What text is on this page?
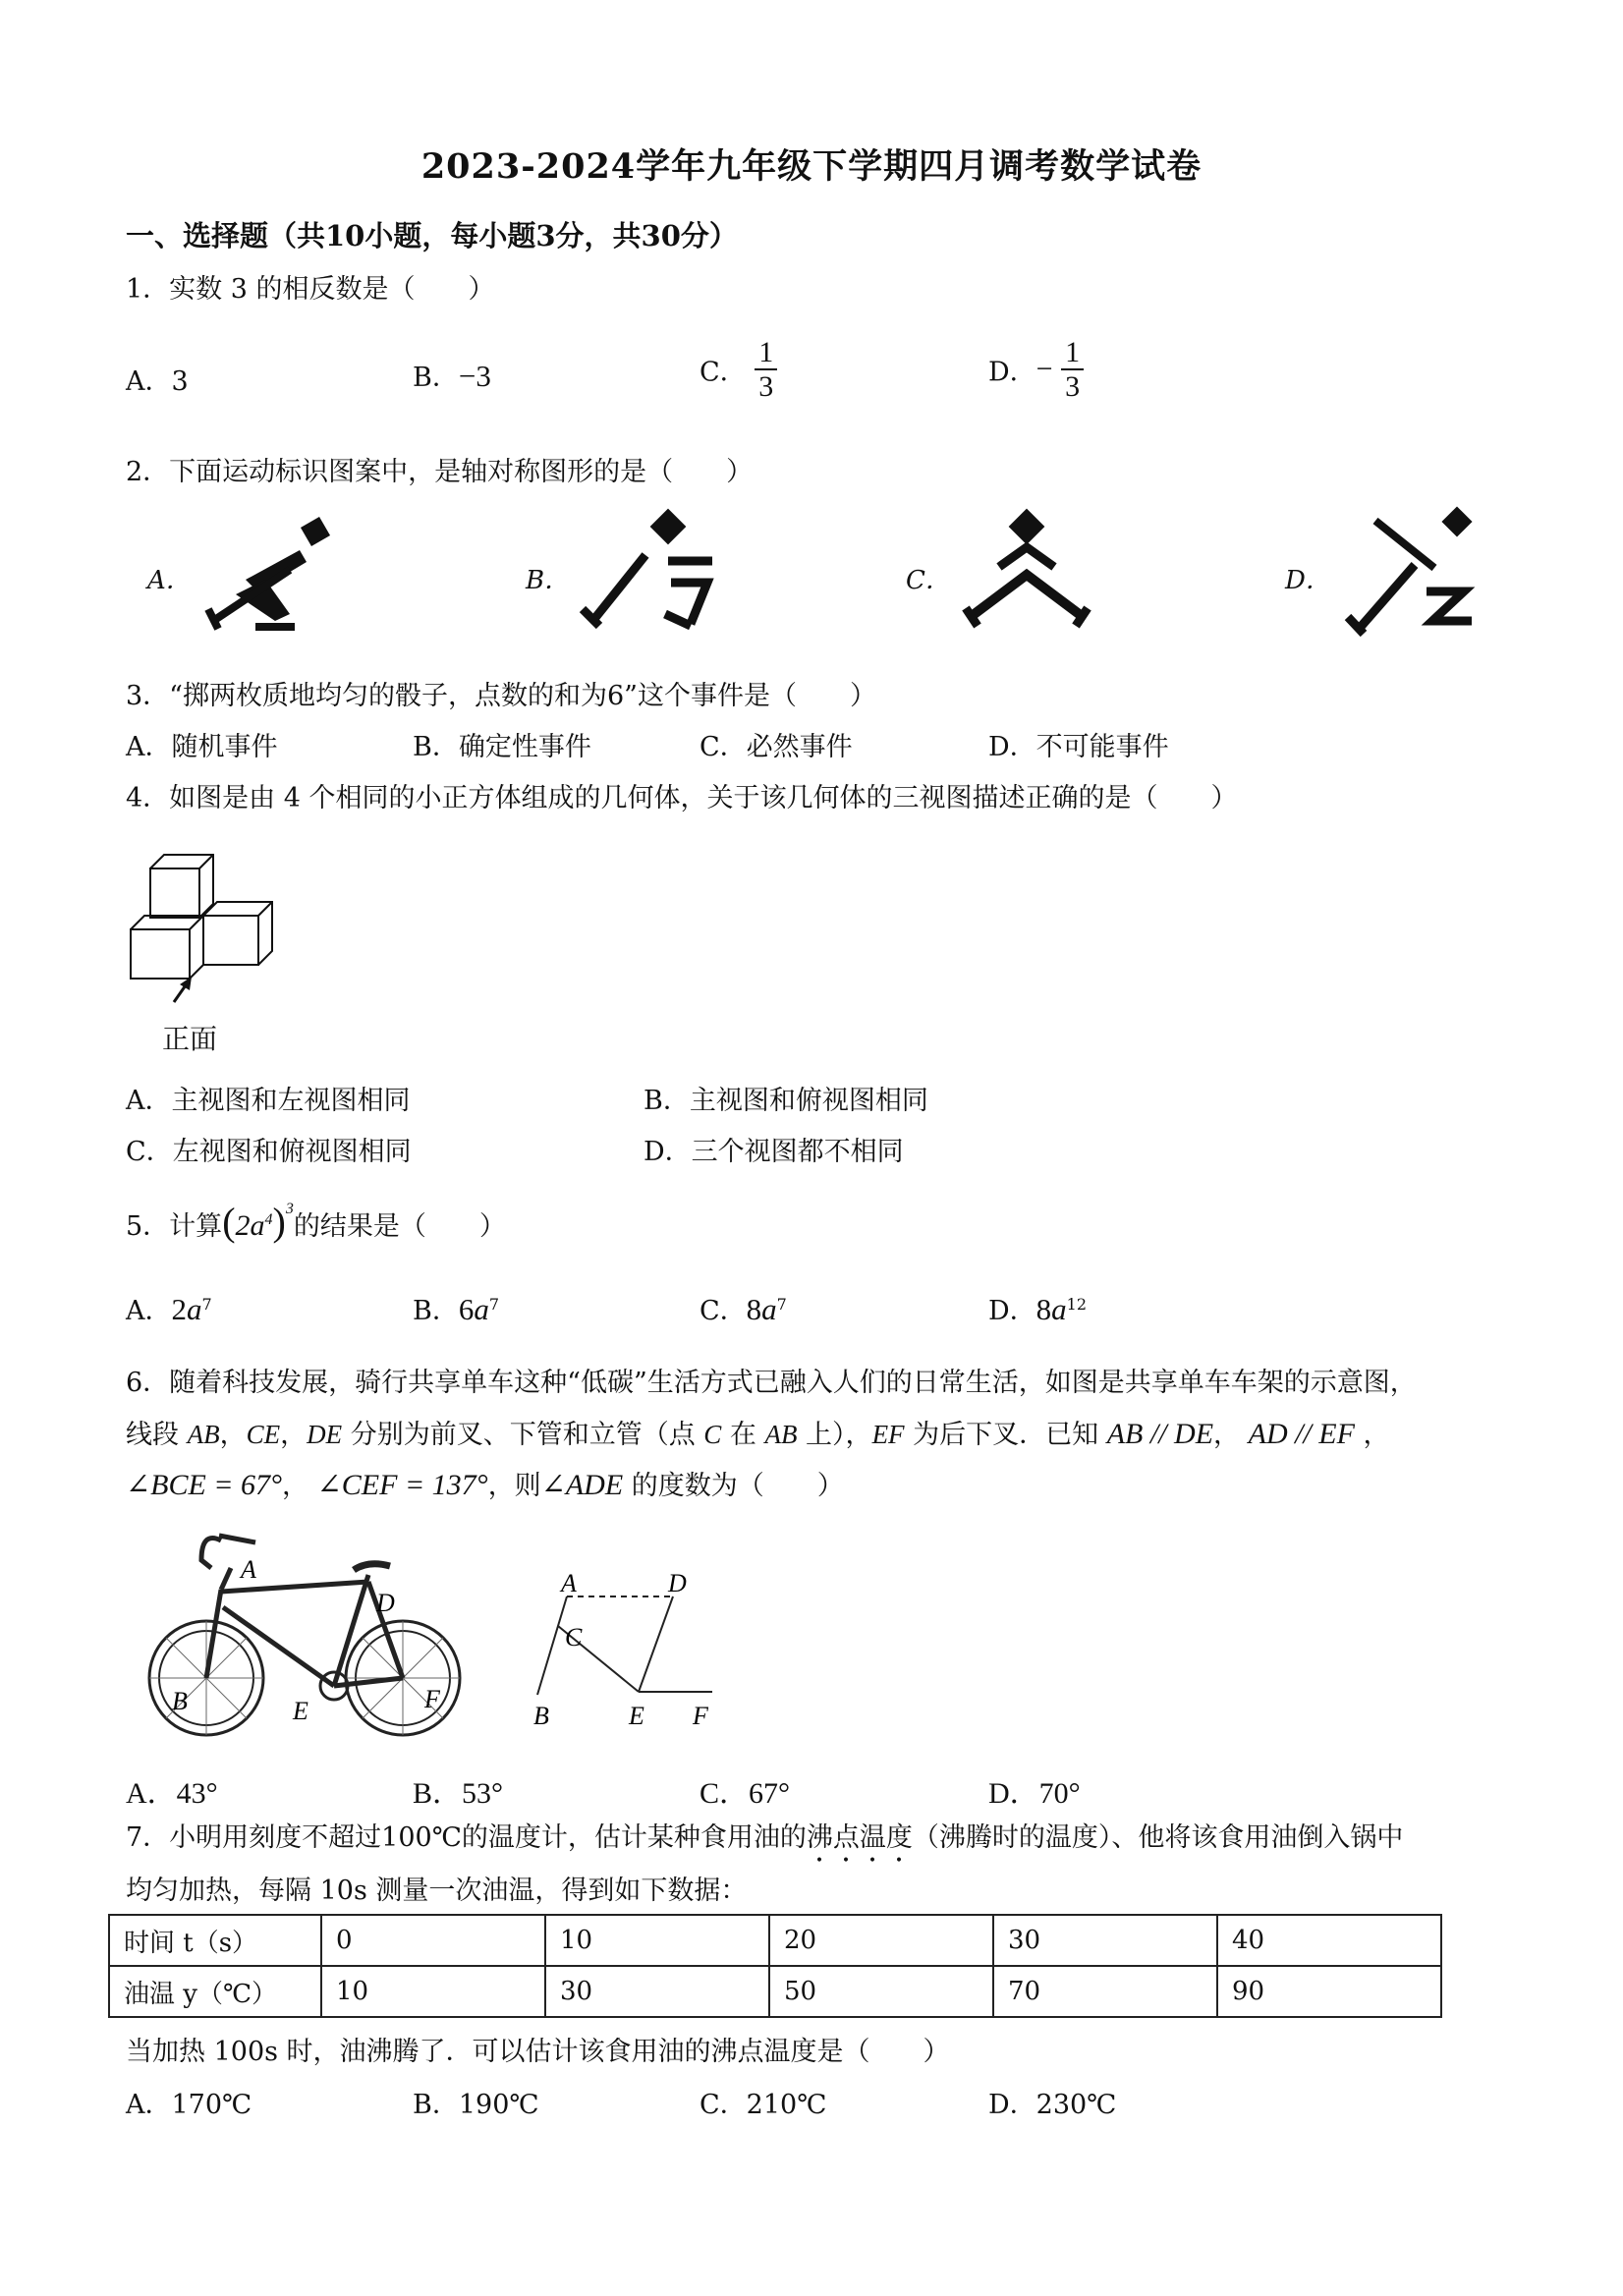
2023-2024学年九年级下学期四月调考数学试卷
一、选择题（共10小题，每小题3分，共30分）
1．实数 3 的相反数是（　　）
A．3	B．−3	C． $\frac{1}{3}$	D．− $\frac{1}{3}$
2．下面运动标识图案中，是轴对称图形的是（　　）
A．	B．	C．	D．
3．“掷两枚质地均匀的骰子，点数的和为6”这个事件是（　　）
A．随机事件	B．确定性事件	C．必然事件	D．不可能事件
4．如图是由 4 个相同的小正方体组成的几何体，关于该几何体的三视图描述正确的是（　　）
正面
A．主视图和左视图相同	B．主视图和俯视图相同
C．左视图和俯视图相同	D．三个视图都不相同
5．计算$(2a^4)^3$的结果是（　　）
A．$2a^7$	B．$6a^7$	C．$8a^7$	D．$8a^{12}$
6．随着科技发展，骑行共享单车这种“低碳”生活方式已融入人们的日常生活，如图是共享单车车架的示意图，
线段 AB，CE，DE 分别为前叉、下管和立管（点 C 在 AB 上），EF 为后下叉．已知 AB // DE， AD // EF ，
∠BCE = 67°， ∠CEF = 137°，则∠ADE 的度数为（　　）
A
D
B	E	F
A	D
C
B	E F
A．43°	B．53°	C．67°	D．70°
7．小明用刻度不超过100℃的温度计，估计某种食用油的沸点温度（沸腾时的温度）、他将该食用油倒入锅中
均匀加热，每隔 10s 测量一次油温，得到如下数据：
时间 t（s）	0	10	20	30	40
油温 y（℃）	10	30	50	70	90
当加热 100s 时，油沸腾了．可以估计该食用油的沸点温度是（　　）
A．170℃	B．190℃	C．210℃	D．230℃
